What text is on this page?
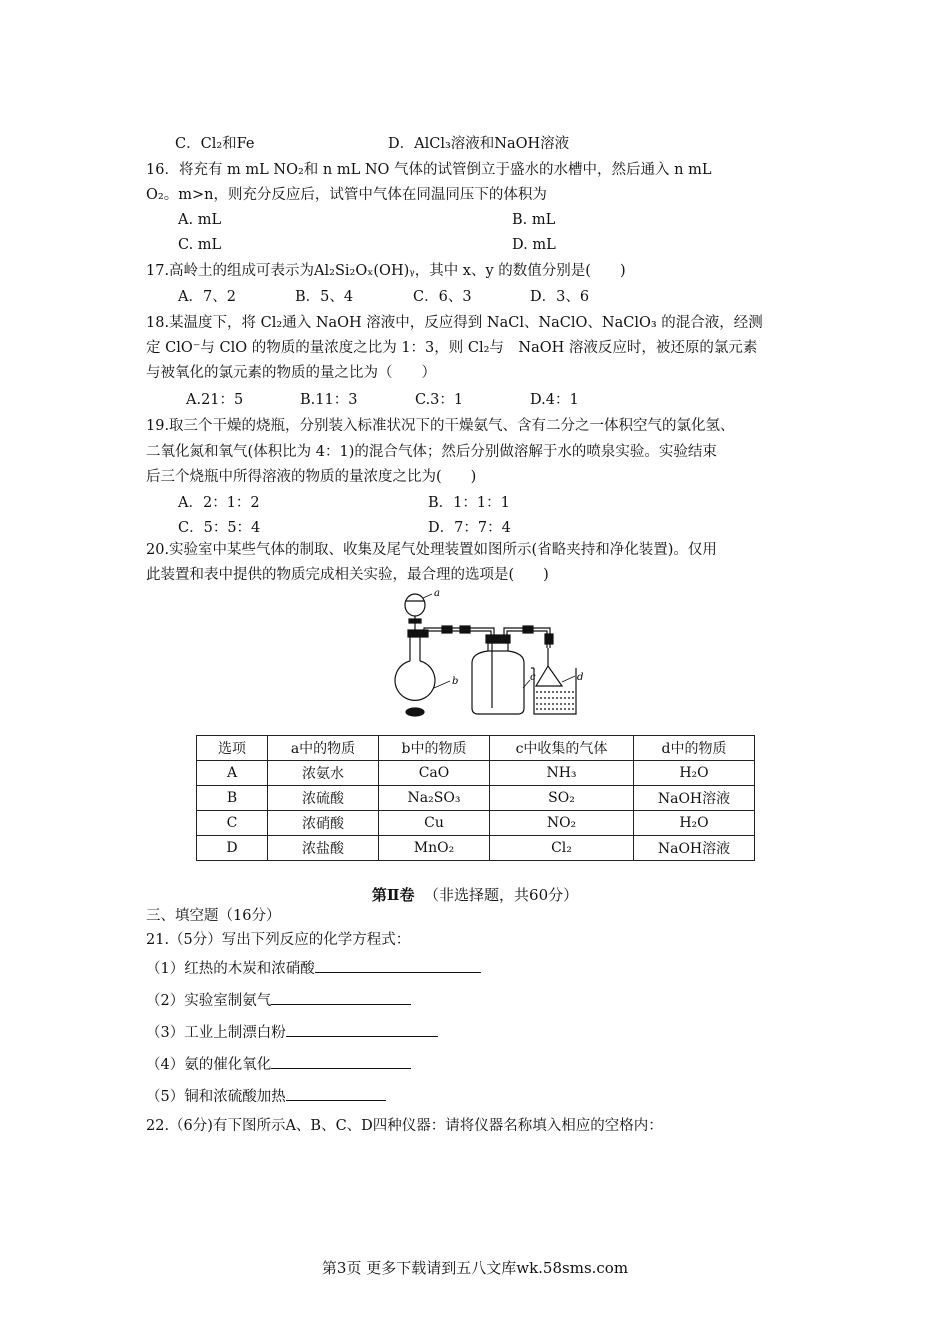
C．Cl₂和Fe	D．AlCl₃溶液和NaOH溶液
16．将充有 m mL NO₂和 n mL NO 气体的试管倒立于盛水的水槽中，然后通入 n mL
O₂。m>n，则充分反应后，试管中气体在同温同压下的体积为
A. mL	B. mL
C. mL	D. mL
17.高岭土的组成可表示为Al₂Si₂Oₓ(OH)ᵧ，其中 x、y 的数值分别是(　　)
A．7、2	B．5、4	C．6、3	D．3、6
18.某温度下，将 Cl₂通入 NaOH 溶液中，反应得到 NaCl、NaClO、NaClO₃ 的混合液，经测
定 ClO⁻与 ClO 的物质的量浓度之比为 1：3，则 Cl₂与　NaOH 溶液反应时，被还原的氯元素
与被氧化的氯元素的物质的量之比为（　　）
A.21：5	B.11：3	C.3：1	D.4：1
19.取三个干燥的烧瓶，分别装入标准状况下的干燥氨气、含有二分之一体积空气的氯化氢、
二氧化氮和氧气(体积比为 4：1)的混合气体；然后分别做溶解于水的喷泉实验。实验结束
后三个烧瓶中所得溶液的物质的量浓度之比为(　　)
A．2：1：2	B．1：1：1
C．5：5：4	D．7：7：4
20.实验室中某些气体的制取、收集及尾气处理装置如图所示(省略夹持和净化装置)。仅用
此装置和表中提供的物质完成相关实验，最合理的选项是(　　)
a
b	c	d
选项	a中的物质	b中的物质	c中收集的气体	d中的物质
A	浓氨水	CaO	NH₃	H₂O
B	浓硫酸	Na₂SO₃	SO₂	NaOH溶液
C	浓硝酸	Cu	NO₂	H₂O
D	浓盐酸	MnO₂	Cl₂	NaOH溶液
第Ⅱ卷 （非选择题，共60分）
三、填空题（16分）
21.（5分）写出下列反应的化学方程式：
（1）红热的木炭和浓硝酸
（2）实验室制氨气
（3）工业上制漂白粉
（4）氨的催化氧化
（5）铜和浓硫酸加热
22.（6分)有下图所示A、B、C、D四种仪器：请将仪器名称填入相应的空格内：
第3页 更多下载请到五八文库wk.58sms.com
